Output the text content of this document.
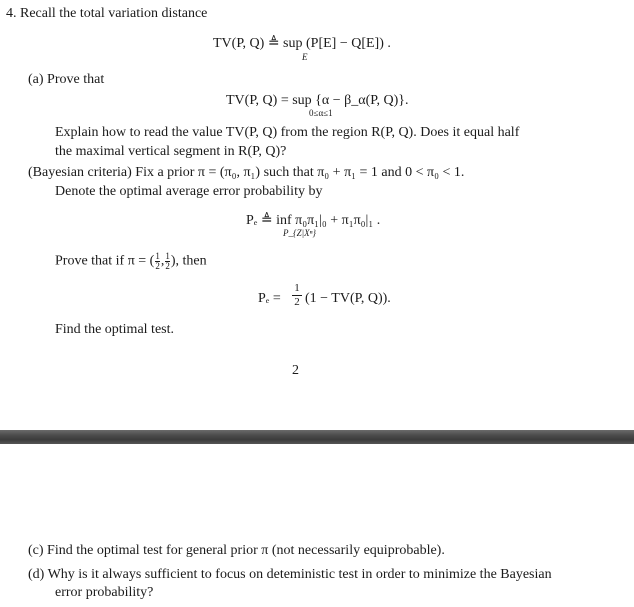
4. Recall the total variation distance
TV(P, Q) ≜ sup (P[E] − Q[E]) .
E
(a) Prove that
TV(P, Q) = sup {α − β_α(P, Q)}.
0≤α≤1
Explain how to read the value TV(P, Q) from the region R(P, Q). Does it equal half
the maximal vertical segment in R(P, Q)?
(Bayesian criteria) Fix a prior π = (π₀, π₁) such that π₀ + π₁ = 1 and 0 < π₀ < 1.
Denote the optimal average error probability by
Pₑ ≜ inf π₀π₁|₀ + π₁π₀|₁ .
P_{Z|Xⁿ}
Prove that if $\pi = (\frac{1}{2},\frac{1}{2})$, then
Pₑ =
1
2 (1 − TV(P, Q)).
Find the optimal test.
2
(c) Find the optimal test for general prior π (not necessarily equiprobable).
(d) Why is it always sufficient to focus on deteministic test in order to minimize the Bayesian
error probability?
